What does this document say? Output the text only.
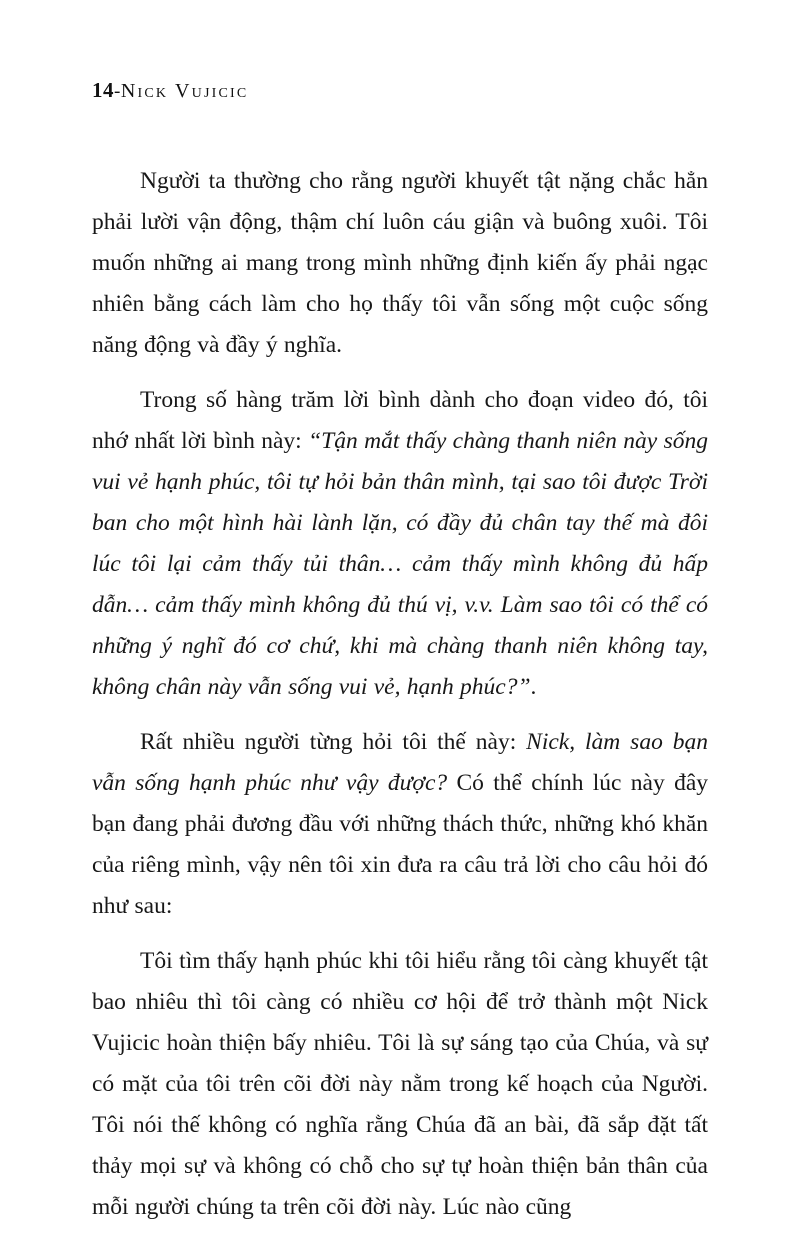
14-Nick Vujicic

Người ta thường cho rằng người khuyết tật nặng chắc hẳn phải lười vận động, thậm chí luôn cáu giận và buông xuôi. Tôi muốn những ai mang trong mình những định kiến ấy phải ngạc nhiên bằng cách làm cho họ thấy tôi vẫn sống một cuộc sống năng động và đầy ý nghĩa.

Trong số hàng trăm lời bình dành cho đoạn video đó, tôi nhớ nhất lời bình này: “Tận mắt thấy chàng thanh niên này sống vui vẻ hạnh phúc, tôi tự hỏi bản thân mình, tại sao tôi được Trời ban cho một hình hài lành lặn, có đầy đủ chân tay thế mà đôi lúc tôi lại cảm thấy tủi thân… cảm thấy mình không đủ hấp dẫn… cảm thấy mình không đủ thú vị, v.v. Làm sao tôi có thể có những ý nghĩ đó cơ chứ, khi mà chàng thanh niên không tay, không chân này vẫn sống vui vẻ, hạnh phúc?”.

Rất nhiều người từng hỏi tôi thế này: Nick, làm sao bạn vẫn sống hạnh phúc như vậy được? Có thể chính lúc này đây bạn đang phải đương đầu với những thách thức, những khó khăn của riêng mình, vậy nên tôi xin đưa ra câu trả lời cho câu hỏi đó như sau:

Tôi tìm thấy hạnh phúc khi tôi hiểu rằng tôi càng khuyết tật bao nhiêu thì tôi càng có nhiều cơ hội để trở thành một Nick Vujicic hoàn thiện bấy nhiêu. Tôi là sự sáng tạo của Chúa, và sự có mặt của tôi trên cõi đời này nằm trong kế hoạch của Người. Tôi nói thế không có nghĩa rằng Chúa đã an bài, đã sắp đặt tất thảy mọi sự và không có chỗ cho sự tự hoàn thiện bản thân của mỗi người chúng ta trên cõi đời này. Lúc nào cũng
